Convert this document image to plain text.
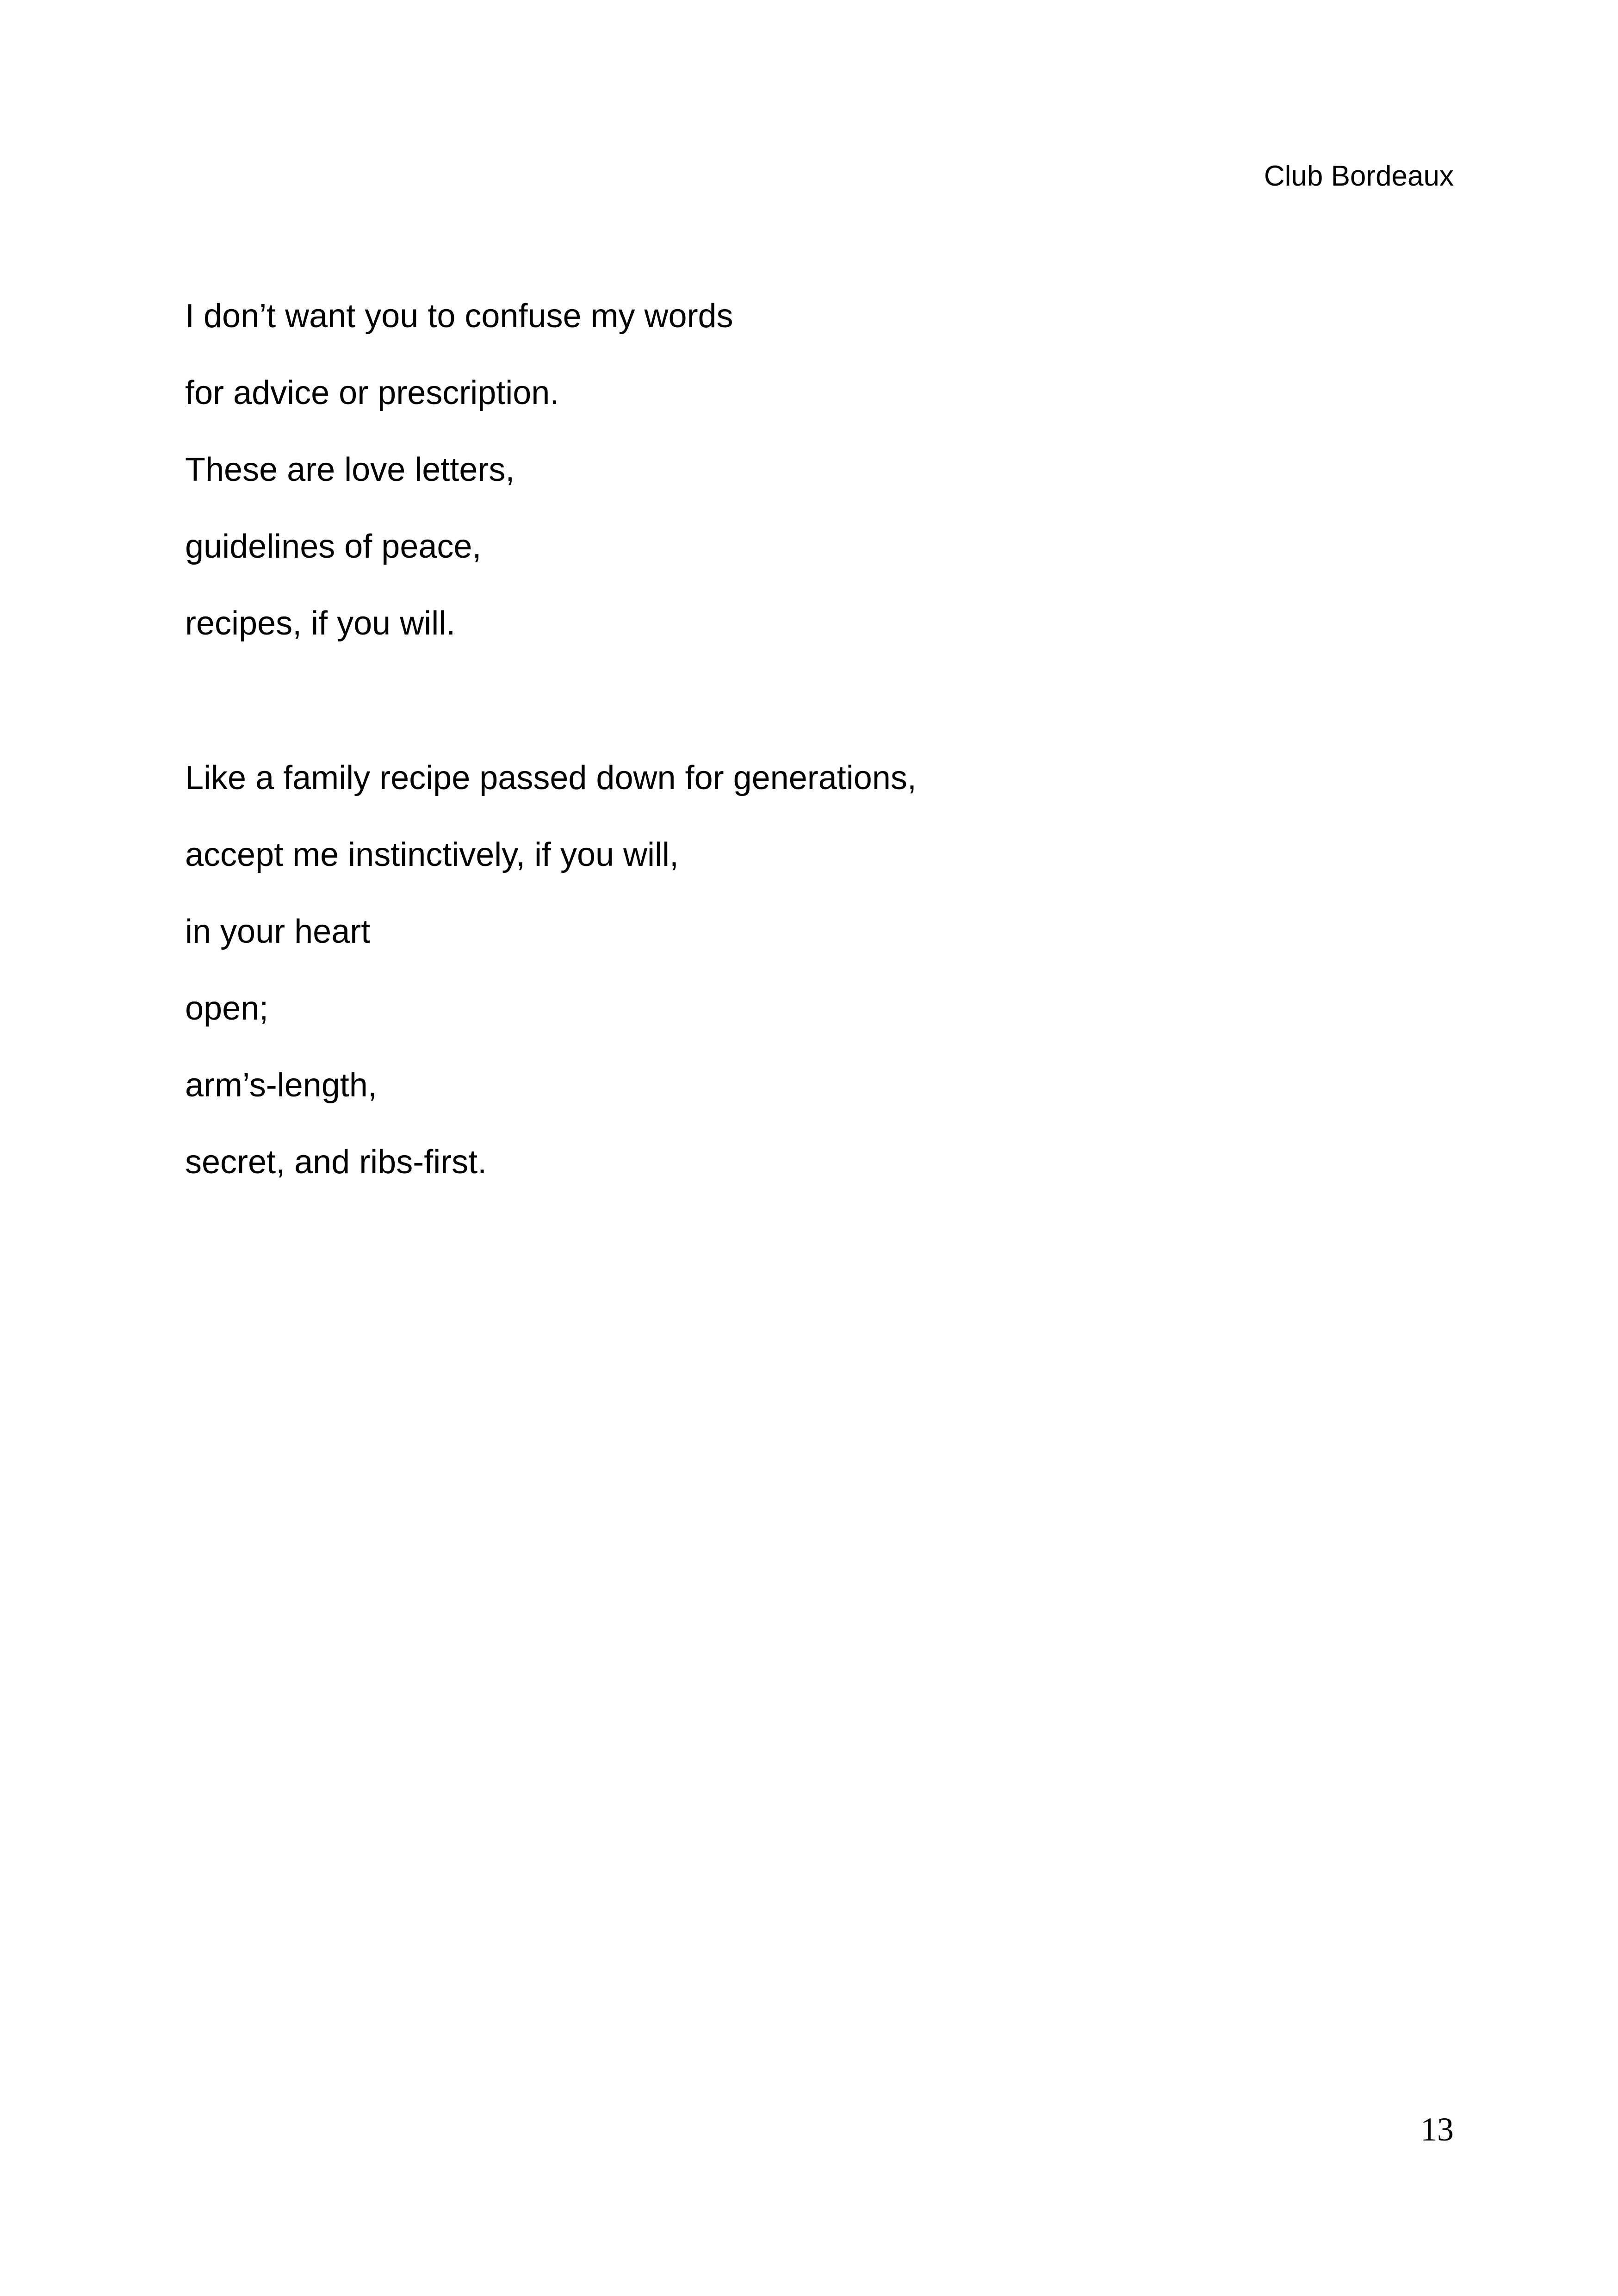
Club Bordeaux
I don’t want you to confuse my words
for advice or prescription.
These are love letters,
guidelines of peace,
recipes, if you will.
Like a family recipe passed down for generations,
accept me instinctively, if you will,
in your heart
open;
arm’s-length,
secret, and ribs-first.
13
